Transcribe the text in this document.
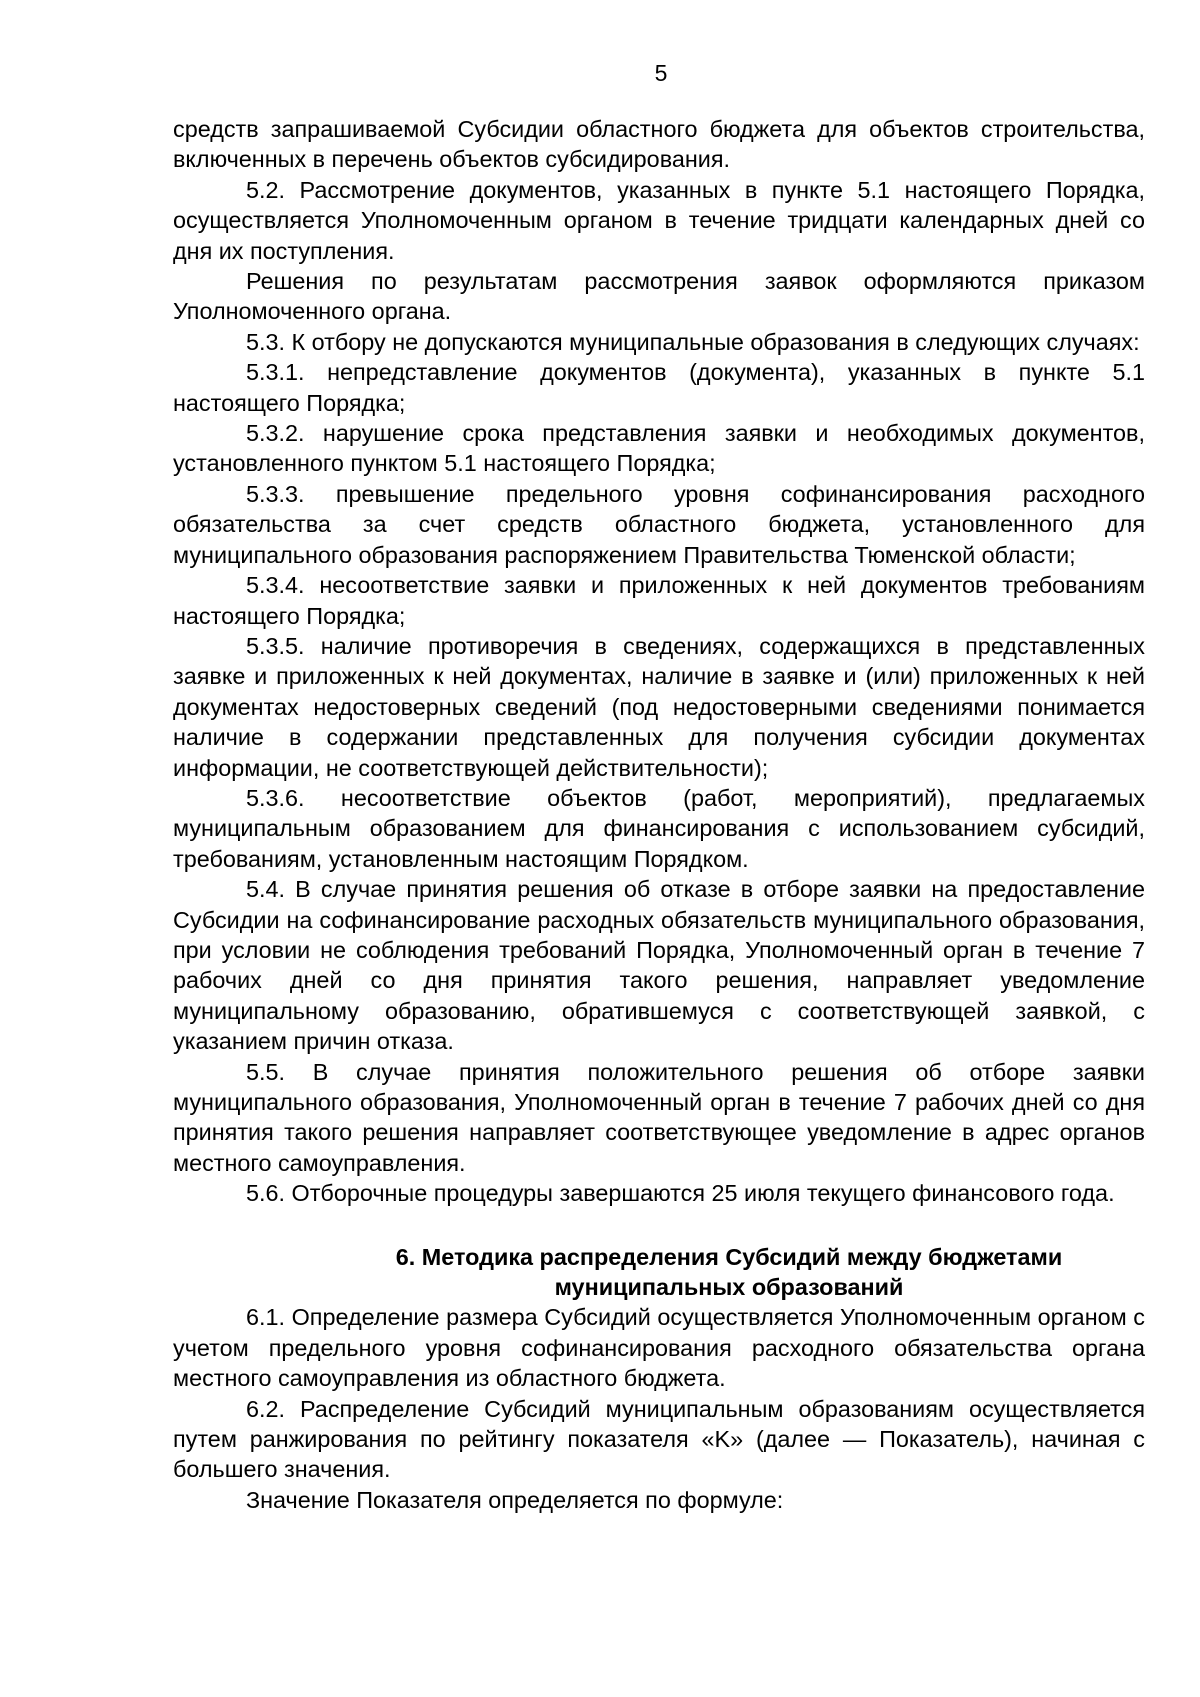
5

средств запрашиваемой Субсидии областного бюджета для объектов строительства, включенных в перечень объектов субсидирования.

5.2. Рассмотрение документов, указанных в пункте 5.1 настоящего Порядка, осуществляется Уполномоченным органом в течение тридцати календарных дней со дня их поступления.

Решения по результатам рассмотрения заявок оформляются приказом Уполномоченного органа.

5.3. К отбору не допускаются муниципальные образования в следующих случаях:

5.3.1. непредставление документов (документа), указанных в пункте 5.1 настоящего Порядка;

5.3.2. нарушение срока представления заявки и необходимых документов, установленного пунктом 5.1 настоящего Порядка;

5.3.3. превышение предельного уровня софинансирования расходного обязательства за счет средств областного бюджета, установленного для муниципального образования распоряжением Правительства Тюменской области;

5.3.4. несоответствие заявки и приложенных к ней документов требованиям настоящего Порядка;

5.3.5. наличие противоречия в сведениях, содержащихся в представленных заявке и приложенных к ней документах, наличие в заявке и (или) приложенных к ней документах недостоверных сведений (под недостоверными сведениями понимается наличие в содержании представленных для получения субсидии документах информации, не соответствующей действительности);

5.3.6. несоответствие объектов (работ, мероприятий), предлагаемых муниципальным образованием для финансирования с использованием субсидий, требованиям, установленным настоящим Порядком.

5.4. В случае принятия решения об отказе в отборе заявки на предоставление Субсидии на софинансирование расходных обязательств муниципального образования, при условии не соблюдения требований Порядка, Уполномоченный орган в течение 7 рабочих дней со дня принятия такого решения, направляет уведомление муниципальному образованию, обратившемуся с соответствующей заявкой, с указанием причин отказа.

5.5. В случае принятия положительного решения об отборе заявки муниципального образования, Уполномоченный орган в течение 7 рабочих дней со дня принятия такого решения направляет соответствующее уведомление в адрес органов местного самоуправления.

5.6. Отборочные процедуры завершаются 25 июля текущего финансового года.

6. Методика распределения Субсидий между бюджетами
муниципальных образований

6.1. Определение размера Субсидий осуществляется Уполномоченным органом с учетом предельного уровня софинансирования расходного обязательства органа местного самоуправления из областного бюджета.

6.2. Распределение Субсидий муниципальным образованиям осуществляется путем ранжирования по рейтингу показателя «K» (далее — Показатель), начиная с большего значения.

Значение Показателя определяется по формуле:
